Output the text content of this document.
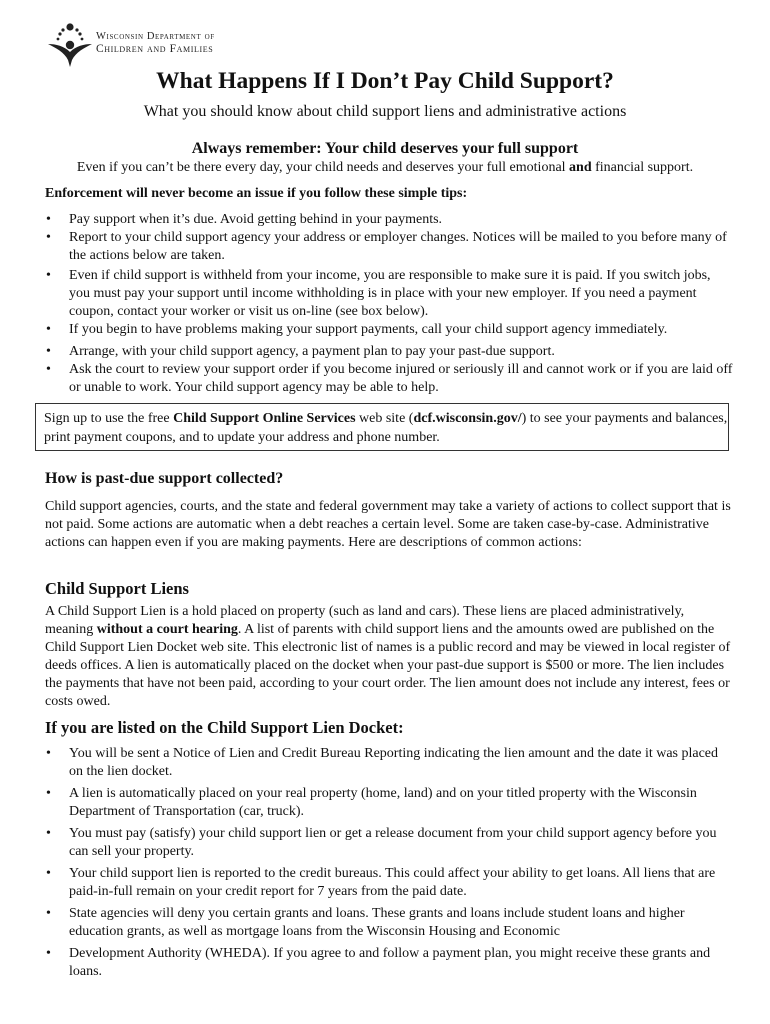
Wisconsin Department of
Children and Families
What Happens If I Don’t Pay Child Support?
What you should know about child support liens and administrative actions
Always remember: Your child deserves your full support
Even if you can’t be there every day, your child needs and deserves your full emotional and financial support.
Enforcement will never become an issue if you follow these simple tips:
• Pay support when it’s due. Avoid getting behind in your payments.
• Report to your child support agency your address or employer changes. Notices will be mailed to you before many of the actions below are taken.
• Even if child support is withheld from your income, you are responsible to make sure it is paid. If you switch jobs, you must pay your support until income withholding is in place with your new employer. If you need a payment coupon, contact your worker or visit us on-line (see box below).
• If you begin to have problems making your support payments, call your child support agency immediately.
• Arrange, with your child support agency, a payment plan to pay your past-due support.
• Ask the court to review your support order if you become injured or seriously ill and cannot work or if you are laid off or unable to work. Your child support agency may be able to help.
Sign up to use the free Child Support Online Services web site (dcf.wisconsin.gov/) to see your payments and balances, print payment coupons, and to update your address and phone number.
How is past-due support collected?

Child support agencies, courts, and the state and federal government may take a variety of actions to collect support that is not paid. Some actions are automatic when a debt reaches a certain level. Some are taken case-by-case. Administrative actions can happen even if you are making payments. Here are descriptions of common actions:

Child Support Liens

A Child Support Lien is a hold placed on property (such as land and cars). These liens are placed administratively, meaning without a court hearing. A list of parents with child support liens and the amounts owed are published on the Child Support Lien Docket web site. This electronic list of names is a public record and may be viewed in local register of deeds offices. A lien is automatically placed on the docket when your past-due support is $500 or more. The lien includes the payments that have not been paid, according to your court order. The lien amount does not include any interest, fees or costs owed.

If you are listed on the Child Support Lien Docket:
• You will be sent a Notice of Lien and Credit Bureau Reporting indicating the lien amount and the date it was placed on the lien docket.
• A lien is automatically placed on your real property (home, land) and on your titled property with the Wisconsin Department of Transportation (car, truck).
• You must pay (satisfy) your child support lien or get a release document from your child support agency before you can sell your property.
• Your child support lien is reported to the credit bureaus. This could affect your ability to get loans. All liens that are paid-in-full remain on your credit report for 7 years from the paid date.
• State agencies will deny you certain grants and loans. These grants and loans include student loans and higher education grants, as well as mortgage loans from the Wisconsin Housing and Economic
• Development Authority (WHEDA). If you agree to and follow a payment plan, you might receive these grants and loans.
